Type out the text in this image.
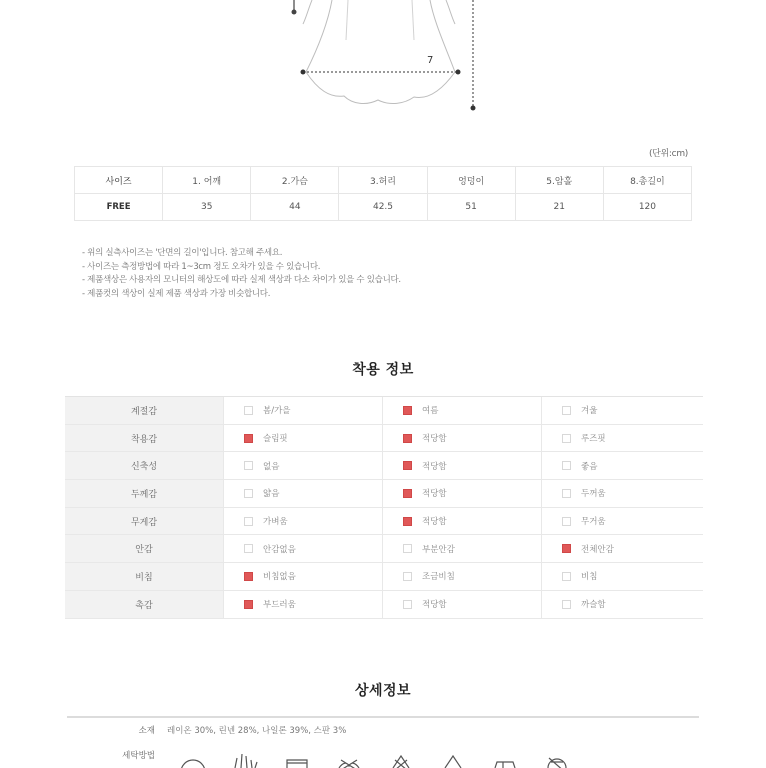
7
(단위:cm)
사이즈	1. 어깨	2.가슴	3.허리	엉덩이	5.암홀	8.총길이
FREE	35	44	42.5	51	21	120
- 위의 실측사이즈는 '단면의 길이'입니다. 참고해 주세요.
- 사이즈는 측정방법에 따라 1~3cm 정도 오차가 있을 수 있습니다.
- 제품색상은 사용자의 모니터의 해상도에 따라 실제 색상과 다소 차이가 있을 수 있습니다.
- 제품컷의 색상이 실제 제품 색상과 가장 비슷합니다.
착용 정보
계절감	봄/가을	여름	겨울
착용감	슬림핏	적당함	루즈핏
신축성	없음	적당함	좋음
두께감	얇음	적당함	두꺼움
무게감	가벼움	적당함	무거움
안감	안감없음	부분안감	전체안감
비침	비침없음	조금비침	비침
촉감	부드러움	적당함	까슬함
상세정보
소재	레이온 30%, 린넨 28%, 나일론 39%, 스판 3%
세탁방법
